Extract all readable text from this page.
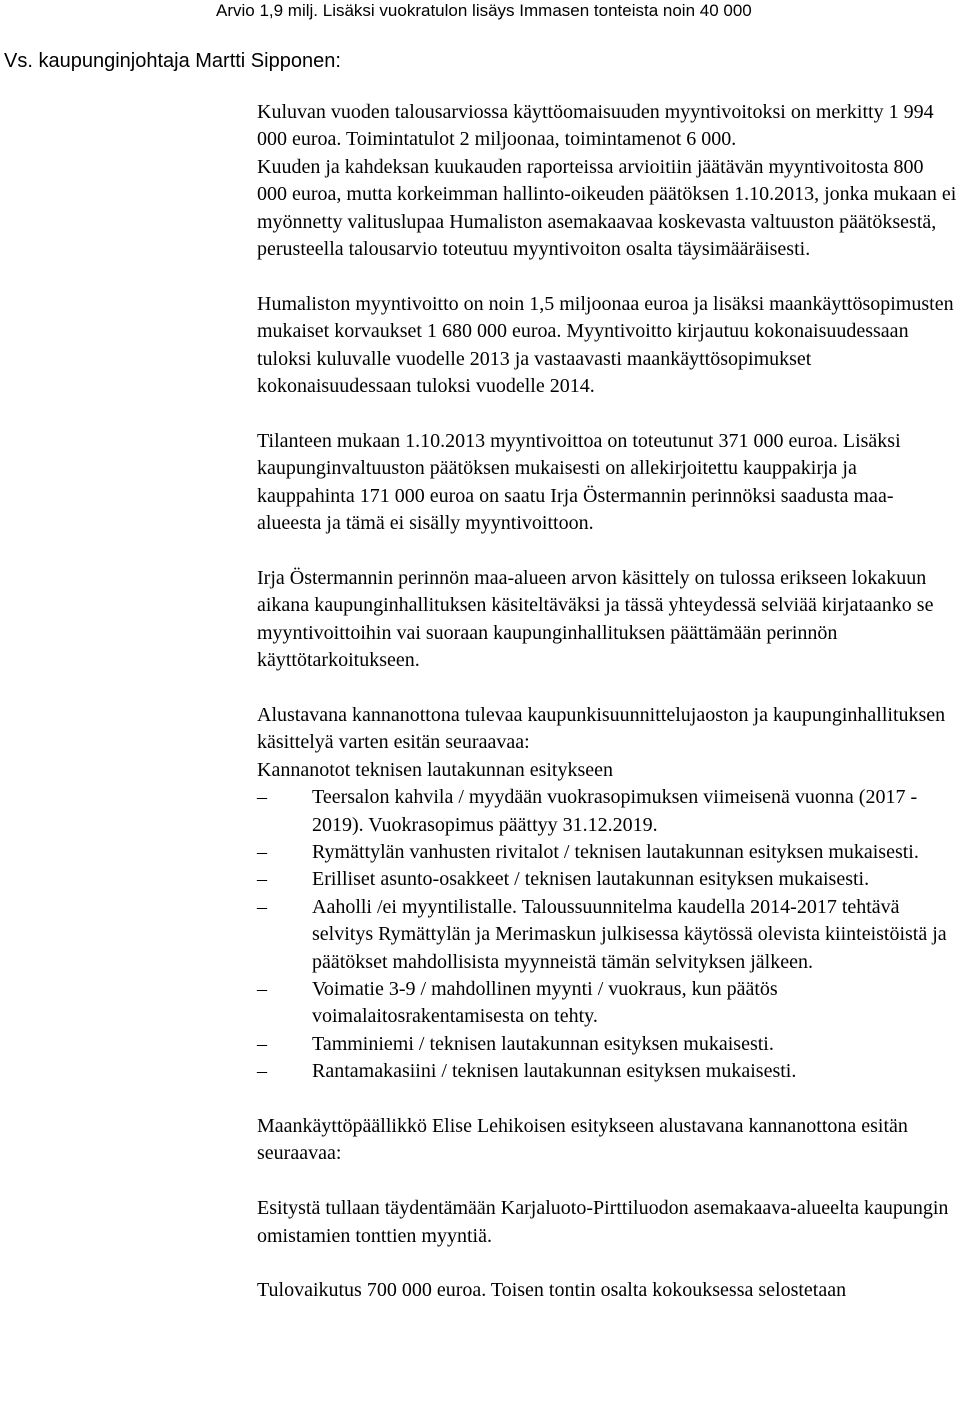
Arvio 1,9 milj. Lisäksi vuokratulon lisäys Immasen tonteista noin 40 000
Vs. kaupunginjohtaja Martti Sipponen:

Kuluvan vuoden talousarviossa käyttöomaisuuden myyntivoitoksi on merkitty 1 994 000 euroa. Toimintatulot 2 miljoonaa, toimintamenot 6 000.

Kuuden ja kahdeksan kuukauden raporteissa arvioitiin jäätävän myyntivoitosta 800 000 euroa, mutta korkeimman hallinto-oikeuden päätöksen 1.10.2013, jonka mukaan ei myönnetty valituslupaa Humaliston asemakaavaa koskevasta valtuuston päätöksestä, perusteella talousarvio toteutuu myyntivoiton osalta täysimääräisesti.

Humaliston myyntivoitto on noin 1,5 miljoonaa euroa ja lisäksi maankäyttösopimusten mukaiset korvaukset 1 680 000 euroa. Myyntivoitto kirjautuu kokonaisuudessaan tuloksi kuluvalle vuodelle 2013 ja vastaavasti maankäyttösopimukset kokonaisuudessaan tuloksi vuodelle 2014.

Tilanteen mukaan 1.10.2013 myyntivoittoa on toteutunut 371 000 euroa. Lisäksi kaupunginvaltuuston päätöksen mukaisesti on allekirjoitettu kauppakirja ja kauppahinta 171 000 euroa on saatu Irja Östermannin perinnöksi saadusta maa-alueesta ja tämä ei sisälly myyntivoittoon.

Irja Östermannin perinnön maa-alueen arvon käsittely on tulossa erikseen lokakuun aikana kaupunginhallituksen käsiteltäväksi ja tässä yhteydessä selviää kirjataanko se myyntivoittoihin vai suoraan kaupunginhallituksen päättämään perinnön käyttötarkoitukseen.

Alustavana kannanottona tulevaa kaupunkisuunnittelujaoston ja kaupunginhallituksen käsittelyä varten esitän seuraavaa:

Kannanotot teknisen lautakunnan esitykseen

–	Teersalon kahvila / myydään vuokrasopimuksen viimeisenä vuonna (2017 - 2019). Vuokrasopimus päättyy 31.12.2019.
–	Rymättylän vanhusten rivitalot / teknisen lautakunnan esityksen mukaisesti.
–	Erilliset asunto-osakkeet / teknisen lautakunnan esityksen mukaisesti.
–	Aaholli /ei myyntilistalle. Taloussuunnitelma kaudella 2014-2017 tehtävä selvitys Rymättylän ja Merimaskun julkisessa käytössä olevista kiinteistöistä ja päätökset mahdollisista myynneistä tämän selvityksen jälkeen.
–	Voimatie 3-9 / mahdollinen myynti / vuokraus, kun päätös voimalaitosrakentamisesta on tehty.
–	Tamminiemi / teknisen lautakunnan esityksen mukaisesti.
–	Rantamakasiini / teknisen lautakunnan esityksen mukaisesti.

Maankäyttöpäällikkö Elise Lehikoisen esitykseen alustavana kannanottona esitän seuraavaa:

Esitystä tullaan täydentämään Karjaluoto-Pirttiluodon asemakaava-alueelta kaupungin omistamien tonttien myyntiä.

Tulovaikutus 700 000 euroa. Toisen tontin osalta kokouksessa selostetaan
